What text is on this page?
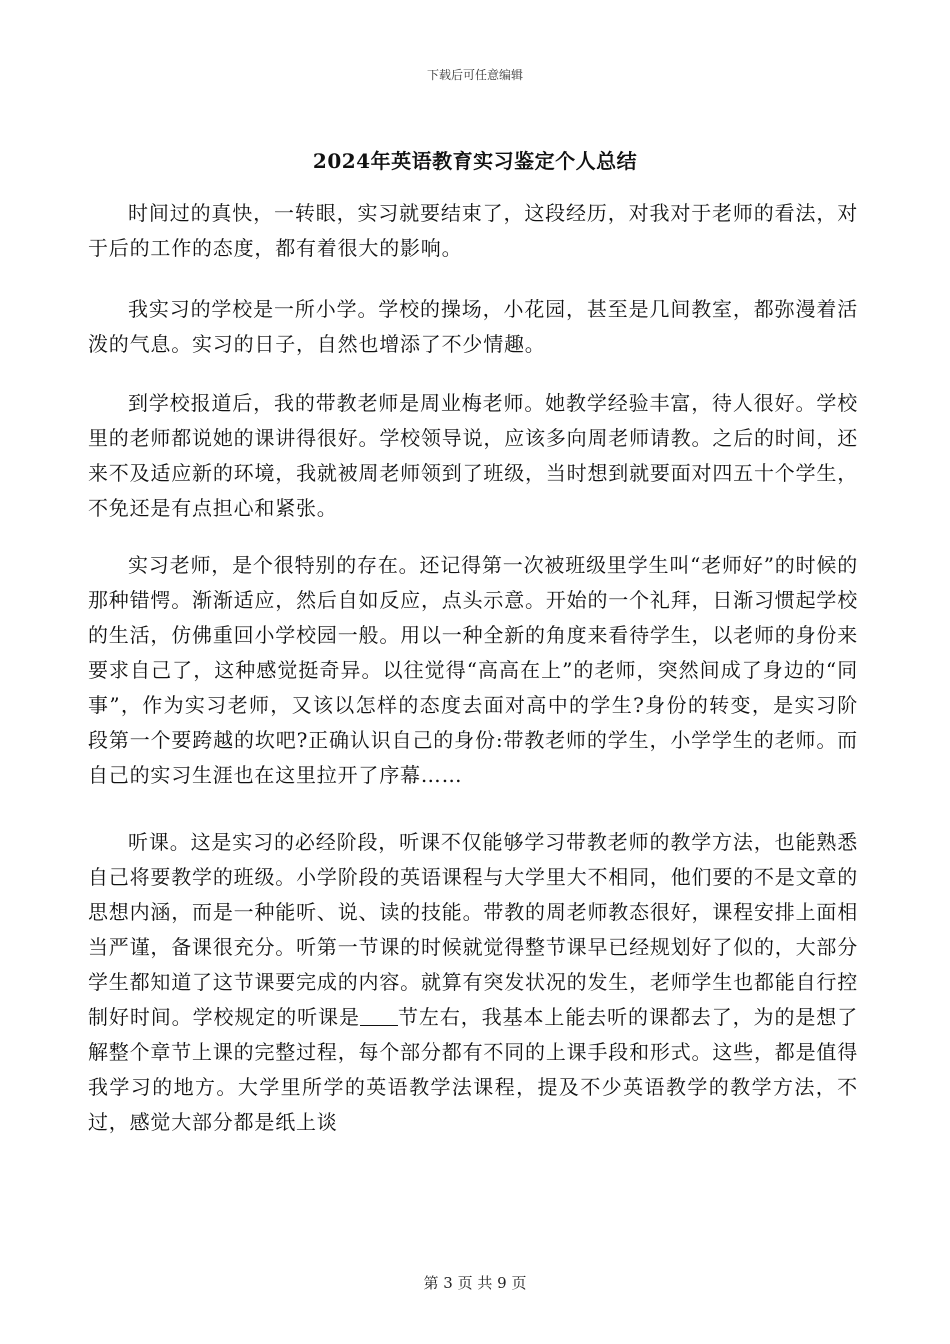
下载后可任意编辑
2024年英语教育实习鉴定个人总结

时间过的真快，一转眼，实习就要结束了，这段经历，对我对于老师的看法，对于后的工作的态度，都有着很大的影响。

我实习的学校是一所小学。学校的操场，小花园，甚至是几间教室，都弥漫着活泼的气息。实习的日子，自然也增添了不少情趣。

到学校报道后，我的带教老师是周业梅老师。她教学经验丰富，待人很好。学校里的老师都说她的课讲得很好。学校领导说，应该多向周老师请教。之后的时间，还来不及适应新的环境，我就被周老师领到了班级，当时想到就要面对四五十个学生，不免还是有点担心和紧张。

实习老师，是个很特别的存在。还记得第一次被班级里学生叫“老师好”的时候的那种错愕。渐渐适应，然后自如反应，点头示意。开始的一个礼拜，日渐习惯起学校的生活，仿佛重回小学校园一般。用以一种全新的角度来看待学生，以老师的身份来要求自己了，这种感觉挺奇异。以往觉得“高高在上”的老师，突然间成了身边的“同事”，作为实习老师，又该以怎样的态度去面对高中的学生?身份的转变，是实习阶段第一个要跨越的坎吧?正确认识自己的身份:带教老师的学生，小学学生的老师。而自己的实习生涯也在这里拉开了序幕……

听课。这是实习的必经阶段，听课不仅能够学习带教老师的教学方法，也能熟悉自己将要教学的班级。小学阶段的英语课程与大学里大不相同，他们要的不是文章的思想内涵，而是一种能听、说、读的技能。带教的周老师教态很好，课程安排上面相当严谨，备课很充分。听第一节课的时候就觉得整节课早已经规划好了似的，大部分学生都知道了这节课要完成的内容。就算有突发状况的发生，老师学生也都能自行控制好时间。学校规定的听课是 节左右，我基本上能去听的课都去了，为的是想了解整个章节上课的完整过程，每个部分都有不同的上课手段和形式。这些，都是值得我学习的地方。大学里所学的英语教学法课程，提及不少英语教学的教学方法，不过，感觉大部分都是纸上谈

第 3 页 共 9 页
